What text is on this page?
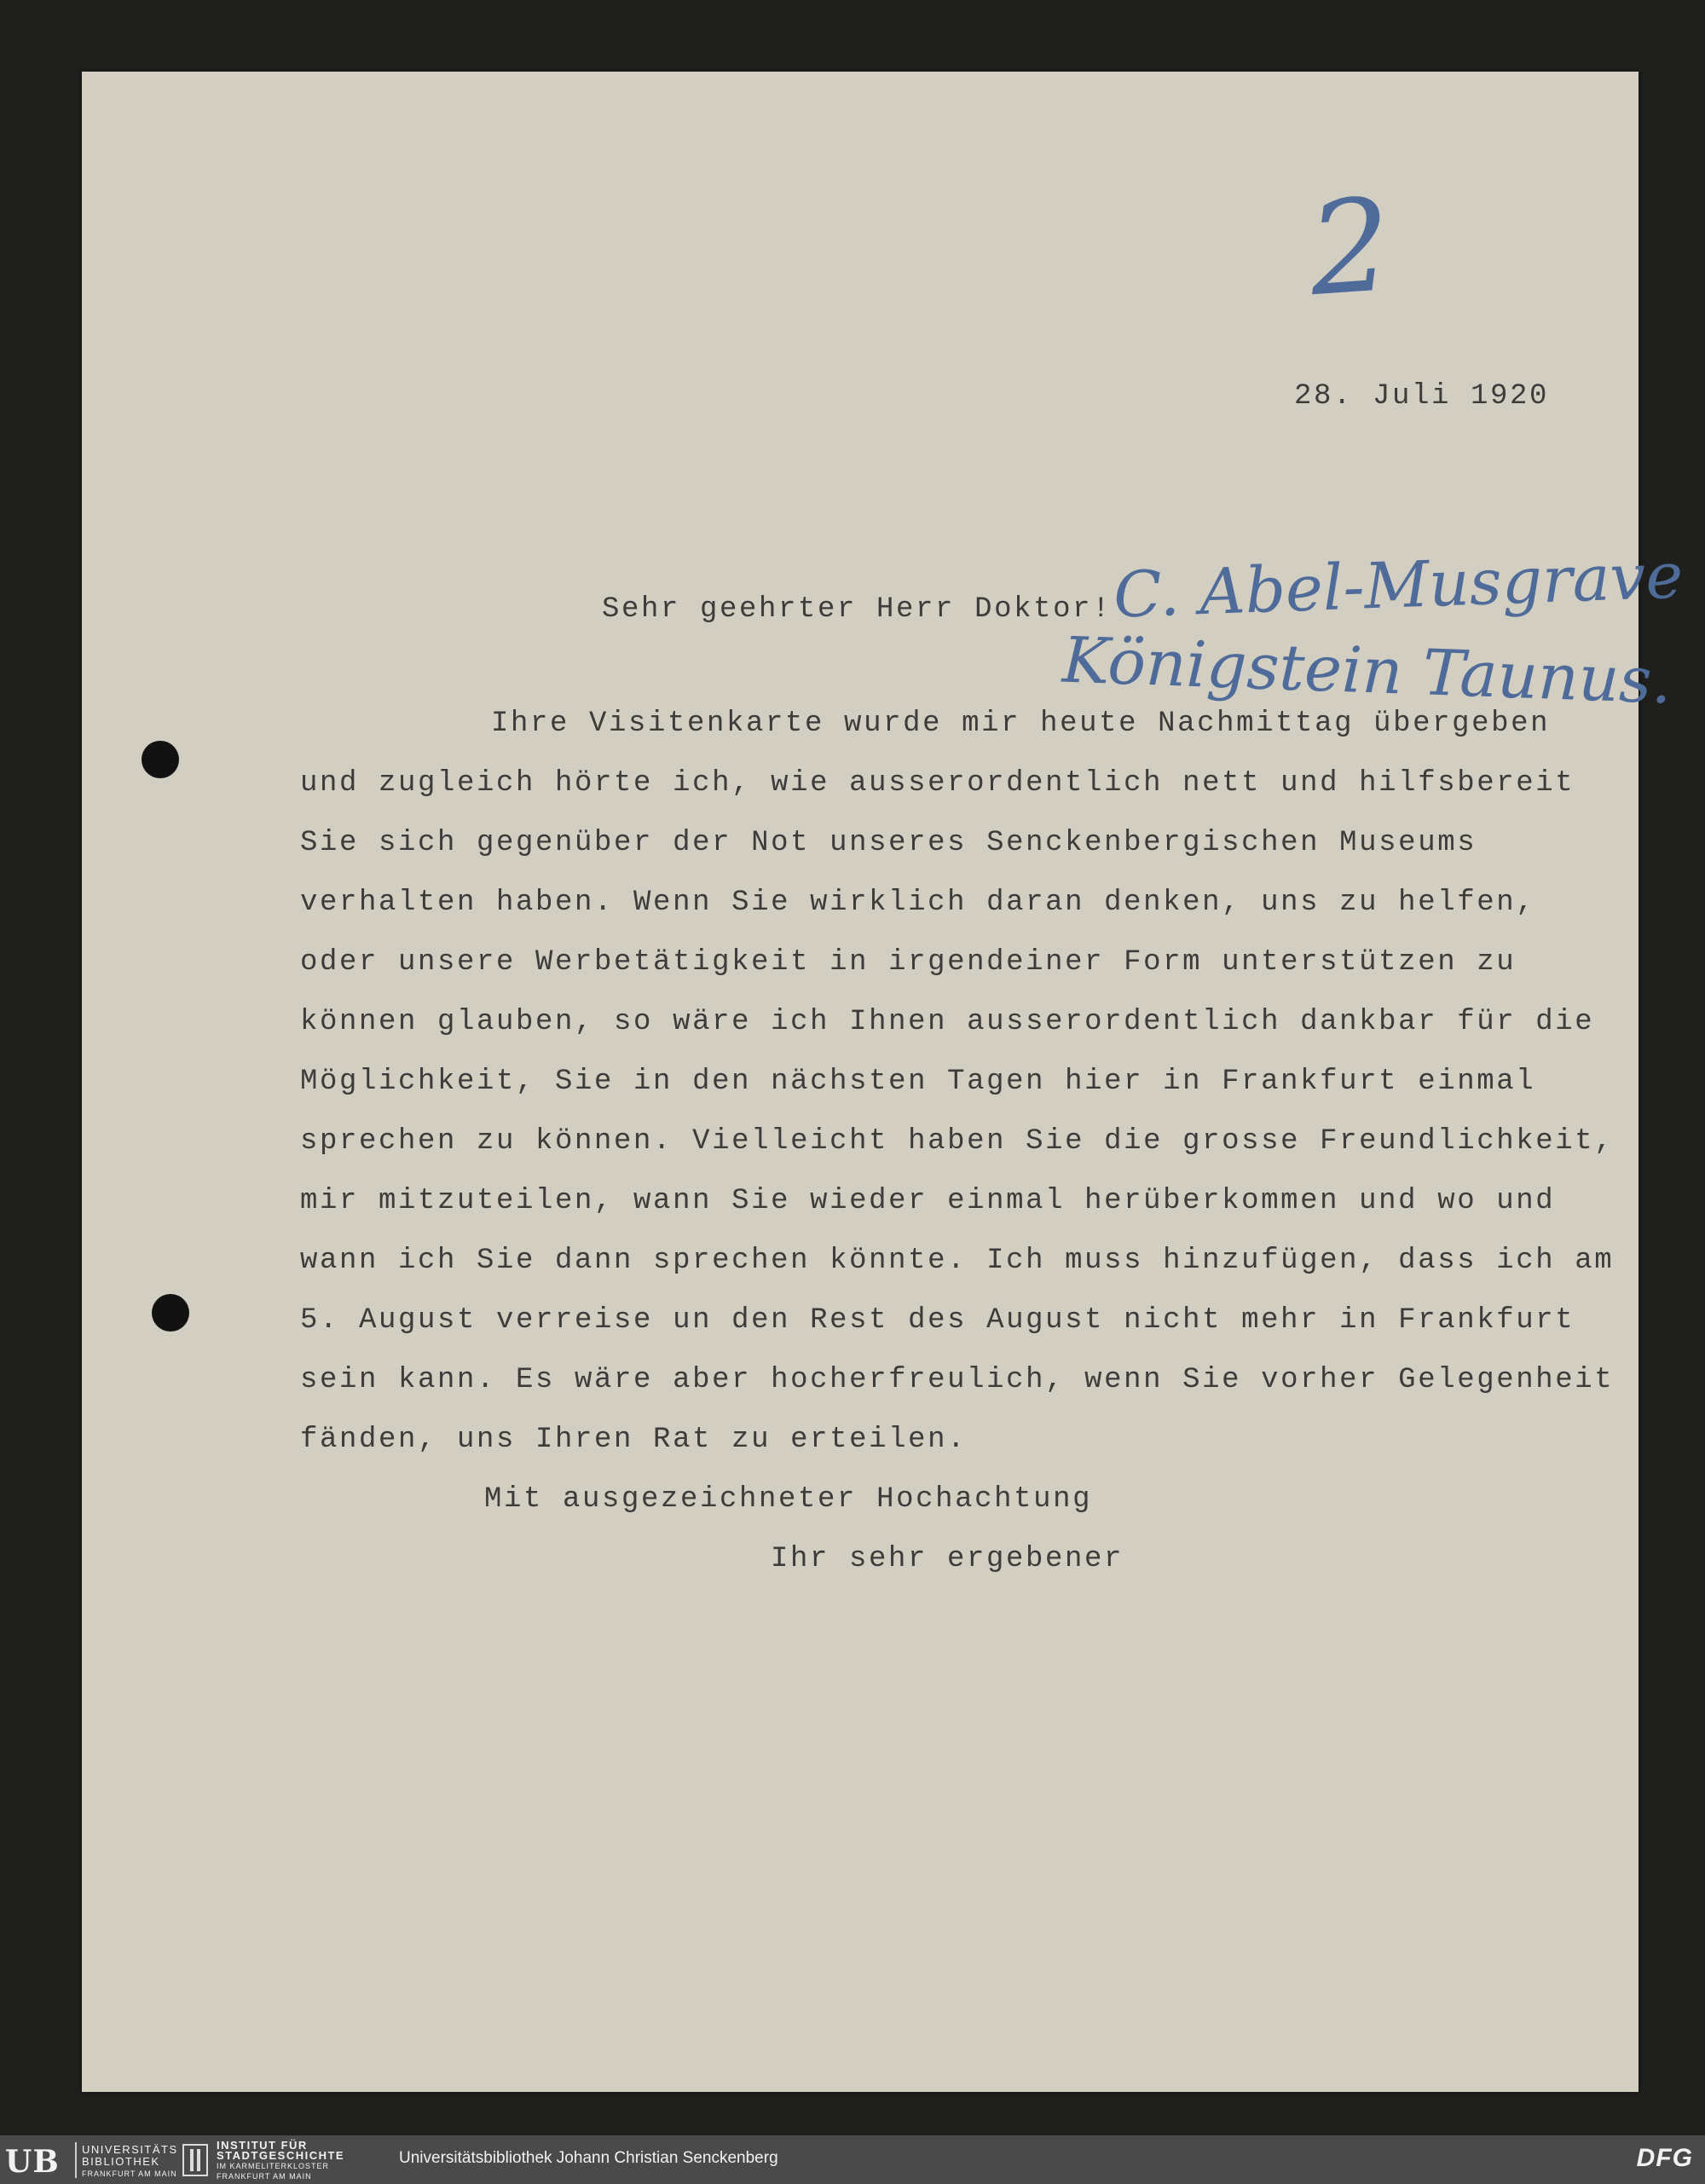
2
28. Juli 1920
Sehr geehrter Herr Doktor! C. Abel-Musgrave
Königstein Taunus.
Ihre Visitenkarte wurde mir heute Nachmittag übergeben
und zugleich hörte ich, wie ausserordentlich nett und hilfsbereit
Sie sich gegenüber der Not unseres Senckenbergischen Museums
verhalten haben. Wenn Sie wirklich daran denken, uns zu helfen,
oder unsere Werbetätigkeit in irgendeiner Form unterstützen zu
können glauben, so wäre ich Ihnen ausserordentlich dankbar für die
Möglichkeit, Sie in den nächsten Tagen hier in Frankfurt einmal
sprechen zu können. Vielleicht haben Sie die grosse Freundlichkeit,
mir mitzuteilen, wann Sie wieder einmal herüberkommen und wo und
wann ich Sie dann sprechen könnte. Ich muss hinzufügen, dass ich am
5. August verreise un den Rest des August nicht mehr in Frankfurt
sein kann. Es wäre aber hocherfreulich, wenn Sie vorher Gelegenheit
fänden, uns Ihren Rat zu erteilen.
Mit ausgezeichneter Hochachtung
Ihr sehr ergebener
UB UNIVERSITÄTS
BIBLIOTHEK
FRANKFURT AM MAIN
INSTITUT FÜR
STADTGESCHICHTE
IM KARMELITERKLOSTER
FRANKFURT AM MAIN
Universitätsbibliothek Johann Christian Senckenberg	DFG
